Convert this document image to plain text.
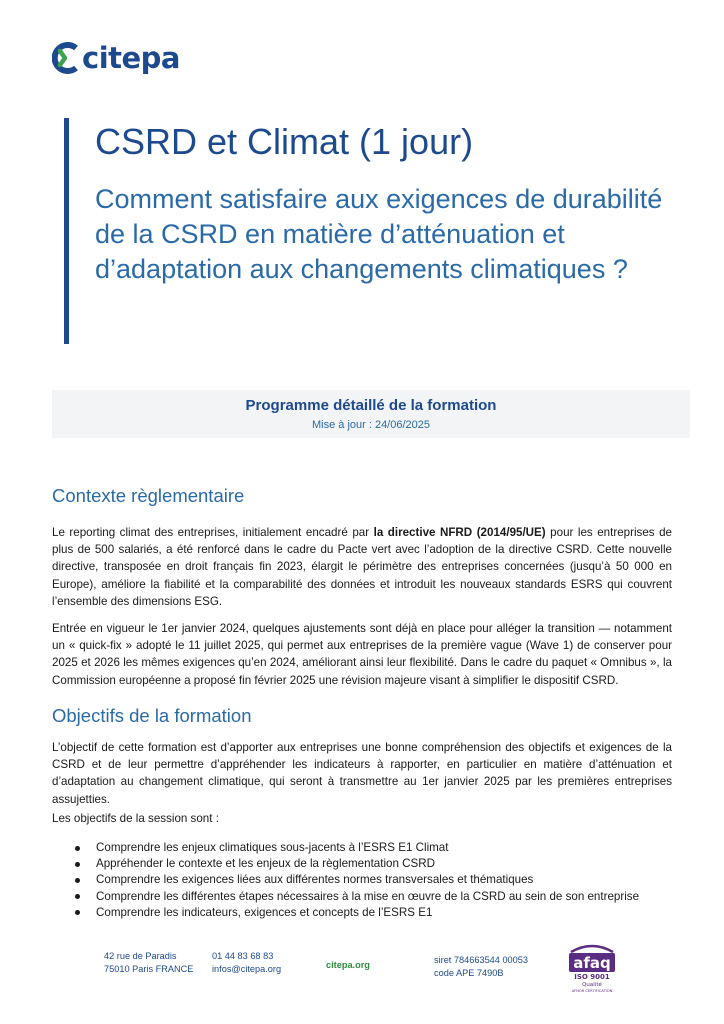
citepa
CSRD et Climat (1 jour)
Comment satisfaire aux exigences de durabilité de la CSRD en matière d’atténuation et d’adaptation aux changements climatiques ?
Programme détaillé de la formation
Mise à jour : 24/06/2025
Contexte règlementaire

Le reporting climat des entreprises, initialement encadré par la directive NFRD (2014/95/UE) pour les entreprises de plus de 500 salariés, a été renforcé dans le cadre du Pacte vert avec l’adoption de la directive CSRD. Cette nouvelle directive, transposée en droit français fin 2023, élargit le périmètre des entreprises concernées (jusqu’à 50 000 en Europe), améliore la fiabilité et la comparabilité des données et introduit les nouveaux standards ESRS qui couvrent l’ensemble des dimensions ESG.

Entrée en vigueur le 1er janvier 2024, quelques ajustements sont déjà en place pour alléger la transition — notamment un « quick-fix » adopté le 11 juillet 2025, qui permet aux entreprises de la première vague (Wave 1) de conserver pour 2025 et 2026 les mêmes exigences qu’en 2024, améliorant ainsi leur flexibilité. Dans le cadre du paquet « Omnibus », la Commission européenne a proposé fin février 2025 une révision majeure visant à simplifier le dispositif CSRD.

Objectifs de la formation

L’objectif de cette formation est d’apporter aux entreprises une bonne compréhension des objectifs et exigences de la CSRD et de leur permettre d’appréhender les indicateurs à rapporter, en particulier en matière d’atténuation et d’adaptation au changement climatique, qui seront à transmettre au 1er janvier 2025 par les premières entreprises assujetties.

Les objectifs de la session sont :

Comprendre les enjeux climatiques sous-jacents à l’ESRS E1 Climat
Appréhender le contexte et les enjeux de la règlementation CSRD
Comprendre les exigences liées aux différentes normes transversales et thématiques
Comprendre les différentes étapes nécessaires à la mise en œuvre de la CSRD au sein de son entreprise
Comprendre les indicateurs, exigences et concepts de l’ESRS E1
42 rue de Paradis
75010 Paris FRANCE
01 44 83 68 83
infos@citepa.org	citepa.org	siret 784663544 00053
code APE 7490B
afaq
ISO 9001
Qualité
AFNOR CERTIFICATION
